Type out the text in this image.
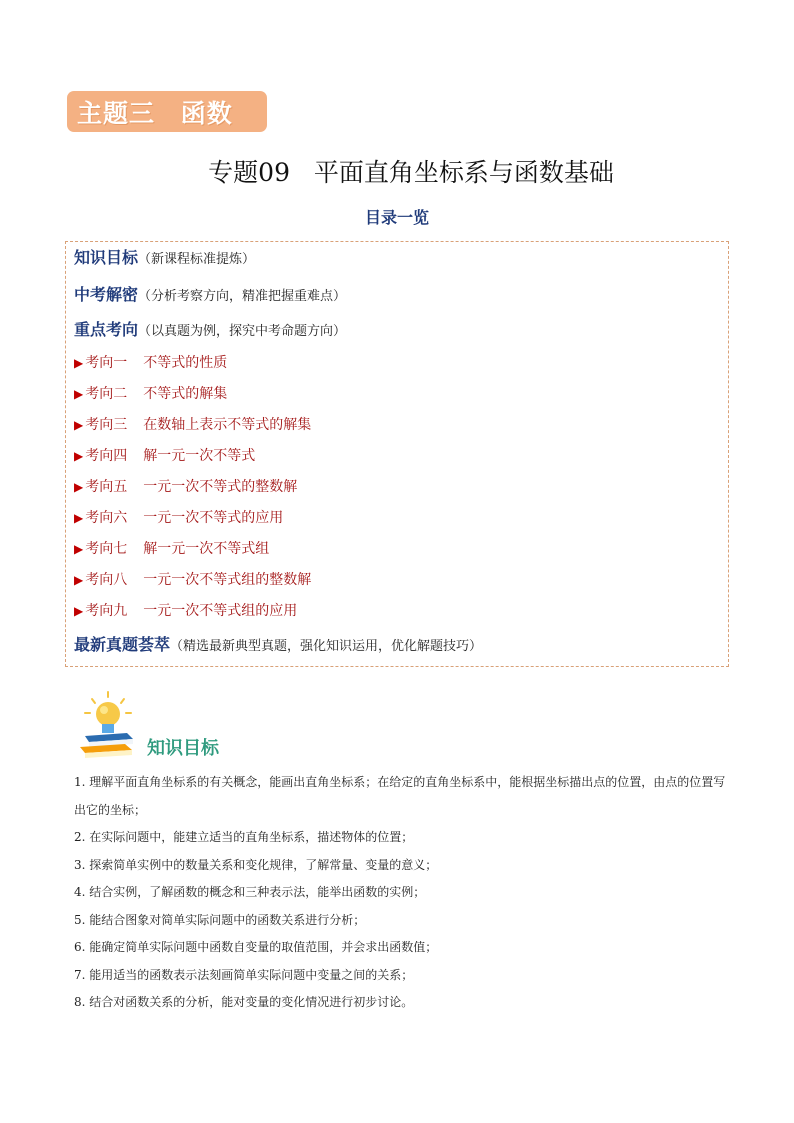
主题三 函数
专题09   平面直角坐标系与函数基础
目录一览
知识目标（新课程标准提炼）
中考解密（分析考察方向，精准把握重难点）
重点考向（以真题为例，探究中考命题方向）
▶ 考向一 不等式的性质
▶ 考向二 不等式的解集
▶ 考向三 在数轴上表示不等式的解集
▶ 考向四 解一元一次不等式
▶ 考向五 一元一次不等式的整数解
▶ 考向六 一元一次不等式的应用
▶ 考向七 解一元一次不等式组
▶ 考向八 一元一次不等式组的整数解
▶ 考向九 一元一次不等式组的应用
最新真题荟萃（精选最新典型真题，强化知识运用，优化解题技巧）
知识目标
1. 理解平面直角坐标系的有关概念，能画出直角坐标系；在给定的直角坐标系中，能根据坐标描出点的位置，由点的位置写出它的坐标；
2. 在实际问题中，能建立适当的直角坐标系，描述物体的位置；
3. 探索简单实例中的数量关系和变化规律，了解常量、变量的意义；
4. 结合实例，了解函数的概念和三种表示法，能举出函数的实例；
5. 能结合图象对简单实际问题中的函数关系进行分析；
6. 能确定简单实际问题中函数自变量的取值范围，并会求出函数值；
7. 能用适当的函数表示法刻画简单实际问题中变量之间的关系；
8. 结合对函数关系的分析，能对变量的变化情况进行初步讨论。
